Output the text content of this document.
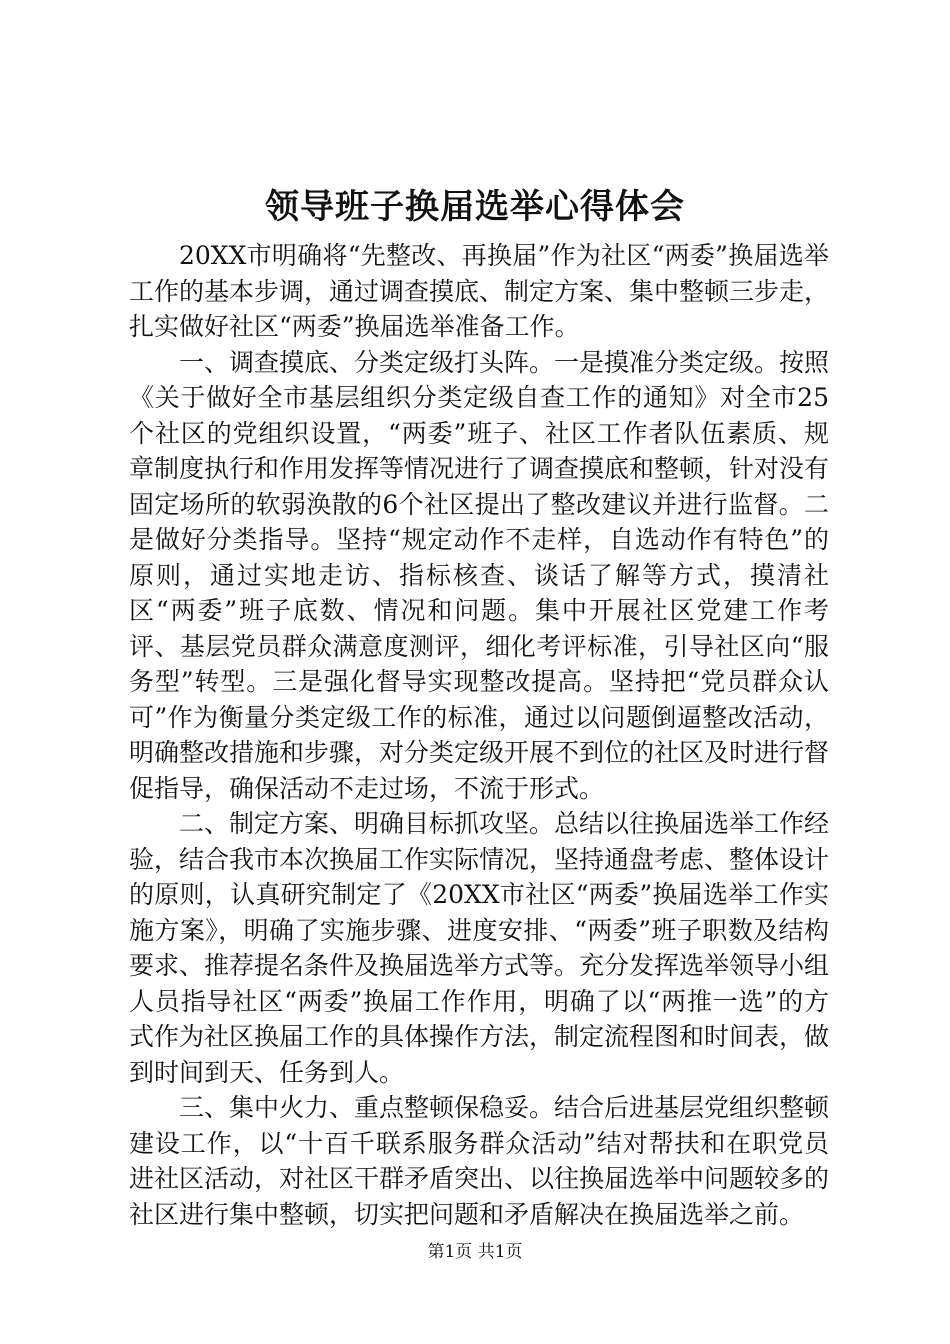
领导班子换届选举心得体会

20XX市明确将“先整改、再换届”作为社区“两委”换届选举工作的基本步调，通过调查摸底、制定方案、集中整顿三步走，扎实做好社区“两委”换届选举准备工作。

一、调查摸底、分类定级打头阵。一是摸准分类定级。按照《关于做好全市基层组织分类定级自查工作的通知》对全市25个社区的党组织设置，“两委”班子、社区工作者队伍素质、规章制度执行和作用发挥等情况进行了调查摸底和整顿，针对没有固定场所的软弱涣散的6个社区提出了整改建议并进行监督。二是做好分类指导。坚持“规定动作不走样，自选动作有特色”的原则，通过实地走访、指标核查、谈话了解等方式，摸清社区“两委”班子底数、情况和问题。集中开展社区党建工作考评、基层党员群众满意度测评，细化考评标准，引导社区向“服务型”转型。三是强化督导实现整改提高。坚持把“党员群众认可”作为衡量分类定级工作的标准，通过以问题倒逼整改活动，明确整改措施和步骤，对分类定级开展不到位的社区及时进行督促指导，确保活动不走过场，不流于形式。

二、制定方案、明确目标抓攻坚。总结以往换届选举工作经验，结合我市本次换届工作实际情况，坚持通盘考虑、整体设计的原则，认真研究制定了《20XX市社区“两委”换届选举工作实施方案》，明确了实施步骤、进度安排、“两委”班子职数及结构要求、推荐提名条件及换届选举方式等。充分发挥选举领导小组人员指导社区“两委”换届工作作用，明确了以“两推一选”的方式作为社区换届工作的具体操作方法，制定流程图和时间表，做到时间到天、任务到人。

三、集中火力、重点整顿保稳妥。结合后进基层党组织整顿建设工作，以“十百千联系服务群众活动”结对帮扶和在职党员进社区活动，对社区干群矛盾突出、以往换届选举中问题较多的社区进行集中整顿，切实把问题和矛盾解决在换届选举之前。

第1页 共1页
